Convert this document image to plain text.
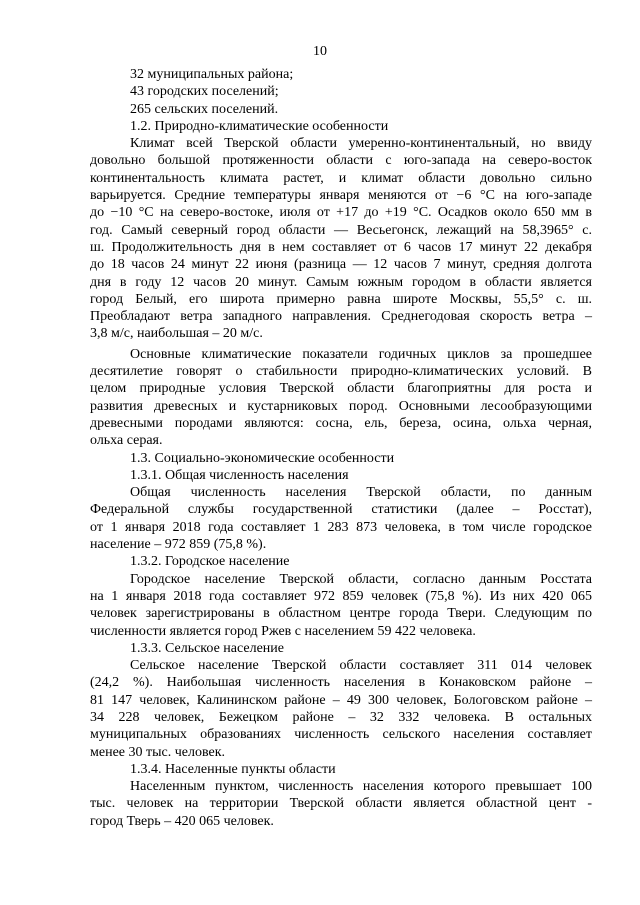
10

32 муниципальных района;

43 городских поселений;

265 сельских поселений.

1.2. Природно-климатические особенности

Климат всей Тверской области умеренно-континентальный, но ввиду
довольно большой протяженности области с юго-запада на северо-восток
континентальность климата растет, и климат области довольно сильно
варьируется. Средние температуры января меняются от −6 °C на юго-западе
до −10 °C на северо-востоке, июля от +17 до +19 °C. Осадков около 650 мм в
год. Самый северный город области — Весьегонск, лежащий на 58,3965° с.
ш. Продолжительность дня в нем составляет от 6 часов 17 минут 22 декабря
до 18 часов 24 минут 22 июня (разница — 12 часов 7 минут, средняя долгота
дня в году 12 часов 20 минут. Самым южным городом в области является
город Белый, его широта примерно равна широте Москвы, 55,5° с. ш.
Преобладают ветра западного направления. Среднегодовая скорость ветра –
3,8 м/с, наибольшая – 20 м/с.
Основные климатические показатели годичных циклов за прошедшее
десятилетие говорят о стабильности природно-климатических условий. В
целом природные условия Тверской области благоприятны для роста и
развития древесных и кустарниковых пород. Основными лесообразующими
древесными породами являются: сосна, ель, береза, осина, ольха черная,
ольха серая.

1.3. Социально-экономические особенности

1.3.1. Общая численность населения

Общая численность населения Тверской области, по данным
Федеральной службы государственной статистики (далее – Росстат),
от 1 января 2018 года составляет 1 283 873 человека, в том числе городское
население – 972 859 (75,8 %).

1.3.2. Городское население

Городское население Тверской области, согласно данным Росстата
на 1 января 2018 года составляет 972 859 человек (75,8 %). Из них 420 065
человек зарегистрированы в областном центре города Твери. Следующим по
численности является город Ржев с населением 59 422 человека.

1.3.3. Сельское население

Сельское население Тверской области составляет 311 014 человек
(24,2 %). Наибольшая численность населения в Конаковском районе –
81 147 человек, Калининском районе – 49 300 человек, Бологовском районе –
34 228 человек, Бежецком районе – 32 332 человека. В остальных
муниципальных образованиях численность сельского населения составляет
менее 30 тыс. человек.

1.3.4. Населенные пункты области

Населенным пунктом, численность населения которого превышает 100
тыс. человек на территории Тверской области является областной цент -
город Тверь – 420 065 человек.
